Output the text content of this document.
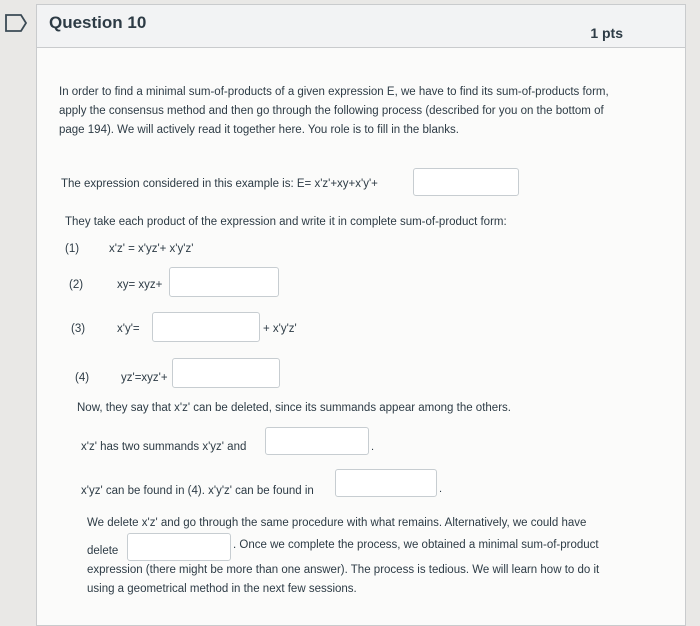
Question 10
1 pts
In order to find a minimal sum-of-products of a given expression E, we have to find its sum-of-products form, apply the consensus method and then go through the following process (described for you on the bottom of page 194). We will actively read it together here. You role is to fill in the blanks.
The expression considered in this example is: E= x'z'+xy+x'y'+
They take each product of the expression and write it in complete sum-of-product form:
(1)	x'z' = x'yz'+ x'y'z'
(2)	xy= xyz+
(3)	x'y'=	+ x'y'z'
(4)	yz'=xyz'+
Now, they say that x'z' can be deleted, since its summands appear among the others.
x'z' has two summands x'yz' and	.
x'yz' can be found in (4). x'y'z' can be found in	.
We delete x'z' and go through the same procedure with what remains. Alternatively, we could have
delete	. Once we complete the process, we obtained a minimal sum-of-product
expression (there might be more than one answer). The process is tedious. We will learn how to do it using a geometrical method in the next few sessions.
